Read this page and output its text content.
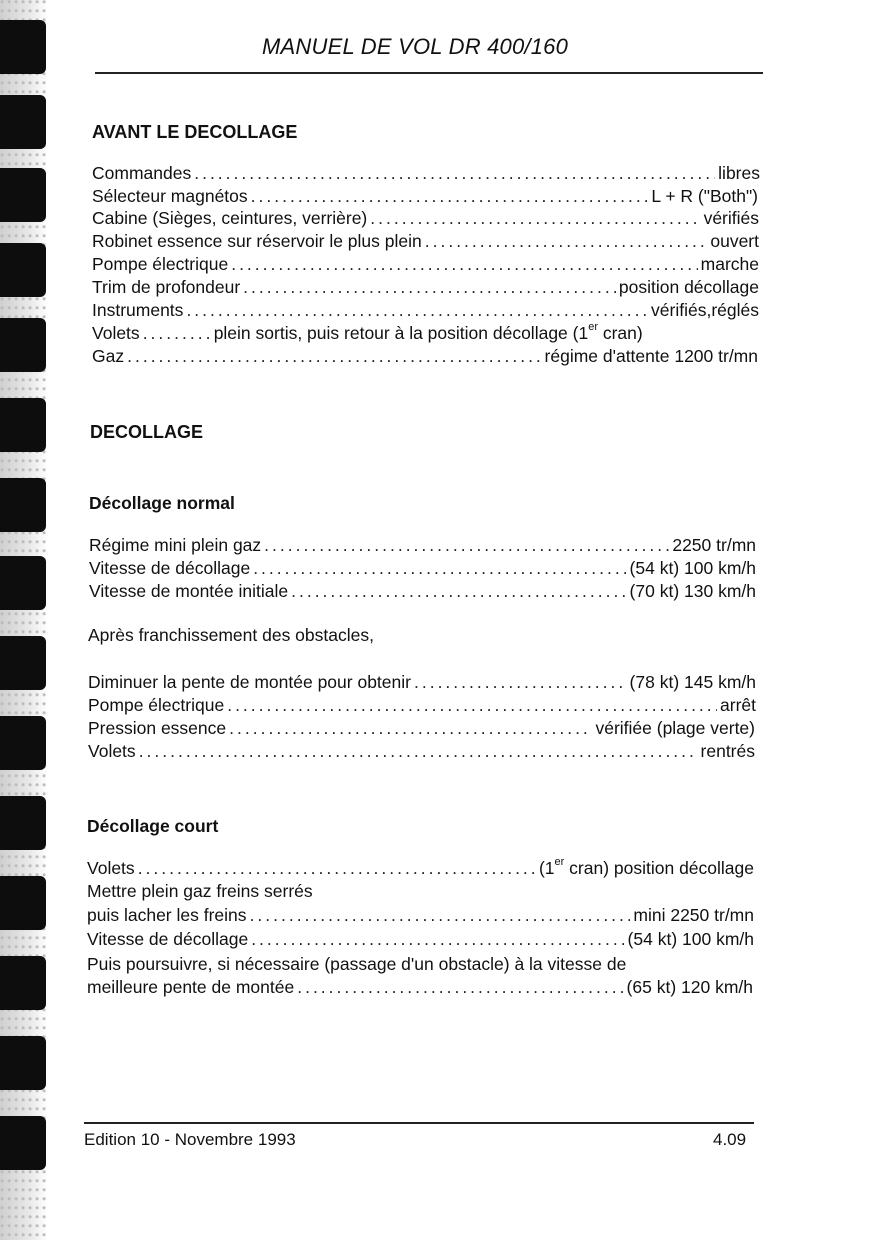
MANUEL DE VOL DR 400/160
AVANT LE DECOLLAGE
Commandes .....	libres
Sélecteur magnétos .....	L + R ("Both")
Cabine (Sièges, ceintures, verrière) .....	vérifiés
Robinet essence sur réservoir le plus plein .....	ouvert
Pompe électrique .....	marche
Trim de profondeur .....	position décollage
Instruments .....	vérifiés,réglés
Volets .....	plein sortis, puis retour à la position décollage (1er cran)
Gaz .....	régime d'attente 1200 tr/mn
DECOLLAGE
Décollage normal
Régime mini plein gaz .....	2250 tr/mn
Vitesse de décollage .....	(54 kt) 100 km/h
Vitesse de montée initiale .....	(70 kt) 130 km/h
Après franchissement des obstacles,
Diminuer la pente de montée pour obtenir .....	(78 kt) 145 km/h
Pompe électrique .....	arrêt
Pression essence .....	vérifiée (plage verte)
Volets .....	rentrés
Décollage court
Volets .....	(1er cran) position décollage
Mettre plein gaz freins serrés
puis lacher les freins .....	mini 2250 tr/mn
Vitesse de décollage .....	(54 kt) 100 km/h
Puis poursuivre, si nécessaire (passage d'un obstacle) à la vitesse de
meilleure pente de montée .....	(65 kt) 120 km/h
Edition 10 - Novembre 1993	4.09
